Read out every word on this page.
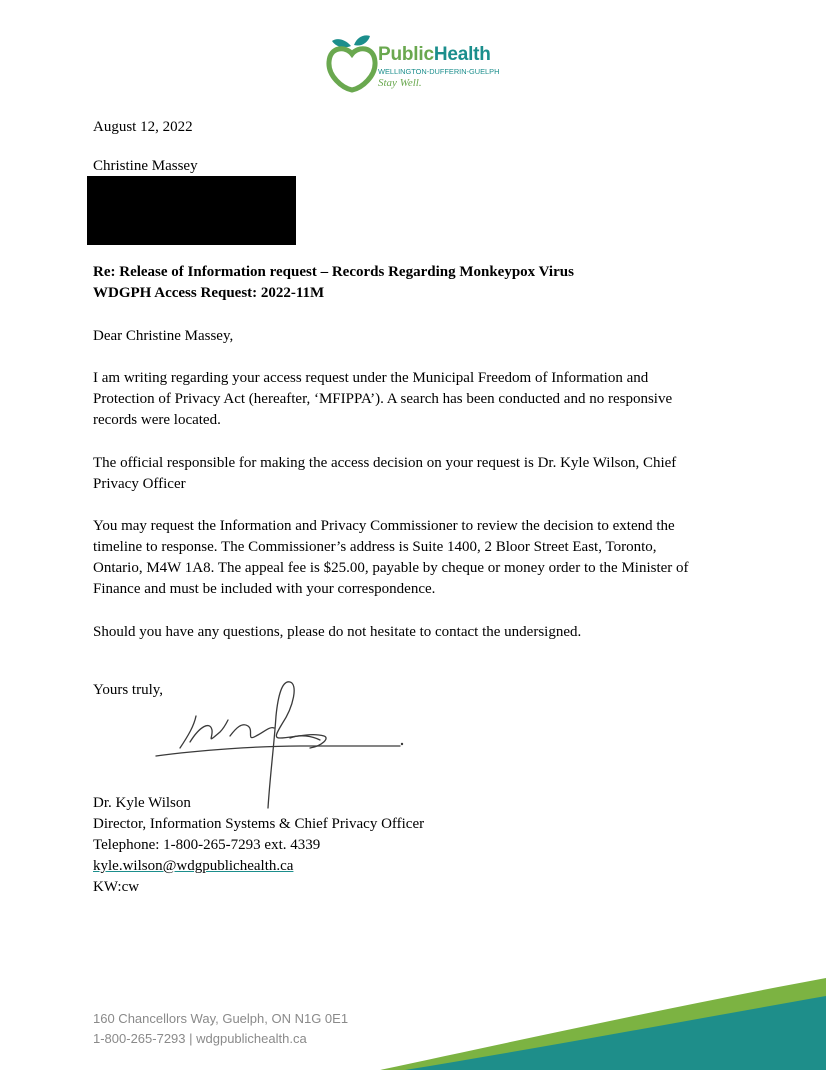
PublicHealth
WELLINGTON-DUFFERIN-GUELPH
Stay Well.
August 12, 2022
Christine Massey
Re: Release of Information request – Records Regarding Monkeypox Virus
WDGPH Access Request: 2022-11M
Dear Christine Massey,
I am writing regarding your access request under the Municipal Freedom of Information and
Protection of Privacy Act (hereafter, ‘MFIPPA’). A search has been conducted and no responsive
records were located.
The official responsible for making the access decision on your request is Dr. Kyle Wilson, Chief
Privacy Officer
You may request the Information and Privacy Commissioner to review the decision to extend the
timeline to response. The Commissioner’s address is Suite 1400, 2 Bloor Street East, Toronto,
Ontario, M4W 1A8. The appeal fee is $25.00, payable by cheque or money order to the Minister of
Finance and must be included with your correspondence.
Should you have any questions, please do not hesitate to contact the undersigned.
Yours truly,
Dr. Kyle Wilson
Director, Information Systems & Chief Privacy Officer
Telephone: 1-800-265-7293 ext. 4339
kyle.wilson@wdgpublichealth.ca
KW:cw
160 Chancellors Way, Guelph, ON N1G 0E1
1-800-265-7293 | wdgpublichealth.ca
